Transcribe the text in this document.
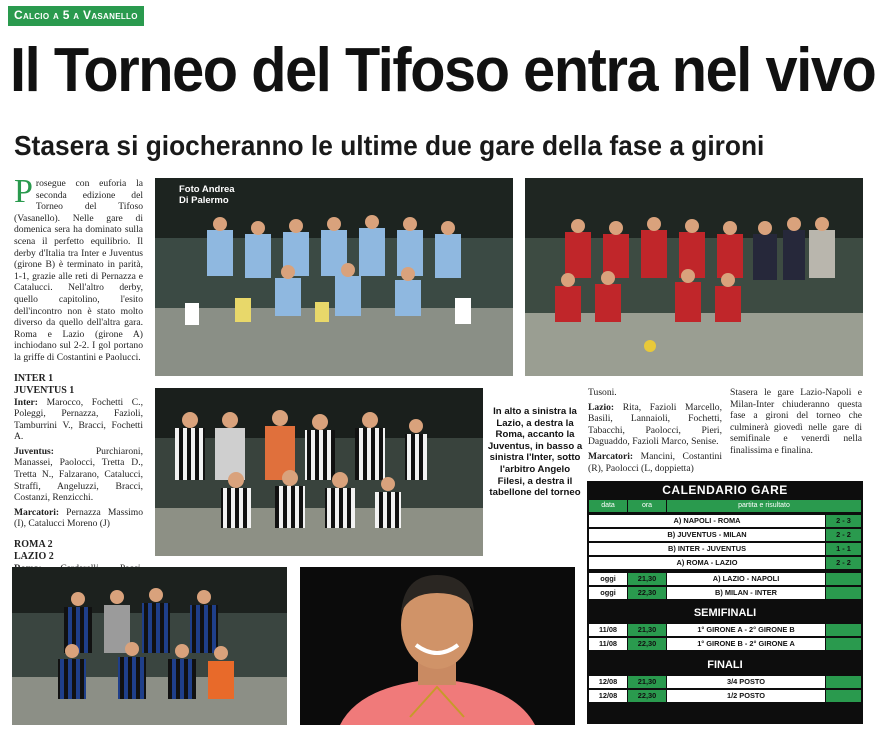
Calcio a 5 a Vasanello
Il Torneo del Tifoso entra nel vivo
Stasera si giocheranno le ultime due gare della fase a gironi

Prosegue con euforia la seconda edizione del Torneo del Tifoso (Vasanello). Nelle gare di domenica sera ha dominato sulla scena il perfetto equilibrio. Il derby d'Italia tra Inter e Juventus (girone B) è terminato in parità, 1-1, grazie alle reti di Pernazza e Catalucci. Nell'altro derby, quello capitolino, l'esito dell'incontro non è stato molto diverso da quello dell'altra gara. Roma e Lazio (girone A) inchiodano sul 2-2. I gol portano la griffe di Costantini e Paolucci.

INTER 1
JUVENTUS 1

Inter: Marocco, Fochetti C., Poleggi, Pernazza, Fazioli, Tamburrini V., Bracci, Fochetti A.

Juventus:	Purchiaroni, Manassei, Paolocci, Tretta D., Tretta N., Falzarano, Catalucci, Straffi, Angeluzzi, Bracci, Costanzi, Renzicchi.

Marcatori: Pernazza Massimo (I), Catalucci Moreno (J)

ROMA 2
LAZIO 2

Tusoni.

Lazio: Rita, Fazioli Marcello, Basili, Lannaioli, Fochetti, Tabacchi, Paolocci, Pieri, Daguaddo, Fazioli Marco, Senise.

Marcatori: Mancini, Costantini (R), Paolocci (L, doppietta)

Stasera le gare Lazio-Napoli e Milan-Inter chiuderanno questa fase a gironi del torneo che culminerà giovedì nelle gare di semifinale e venerdì nella finalissima e finalina.

Foto Andrea
Di Palermo
In alto a sinistra la Lazio, a destra la Roma, accanto la Juventus, in basso a sinistra l'Inter, sotto l'arbitro Angelo Filesi, a destra il tabellone del torneo	CALENDARIO GARE
data	ora	partita e risultato
A) NAPOLI - ROMA	2 - 3
B) JUVENTUS - MILAN	2 - 2
B) INTER - JUVENTUS	1 - 1
A) ROMA - LAZIO	2 - 2
oggi	21,30	A) LAZIO - NAPOLI
oggi	22,30	B) MILAN - INTER
SEMIFINALI
11/08	21,30	1° GIRONE A - 2° GIRONE B
11/08	22,30	1° GIRONE B - 2° GIRONE A
FINALI
12/08	21,30	3/4 POSTO
12/08	22,30	1/2 POSTO
